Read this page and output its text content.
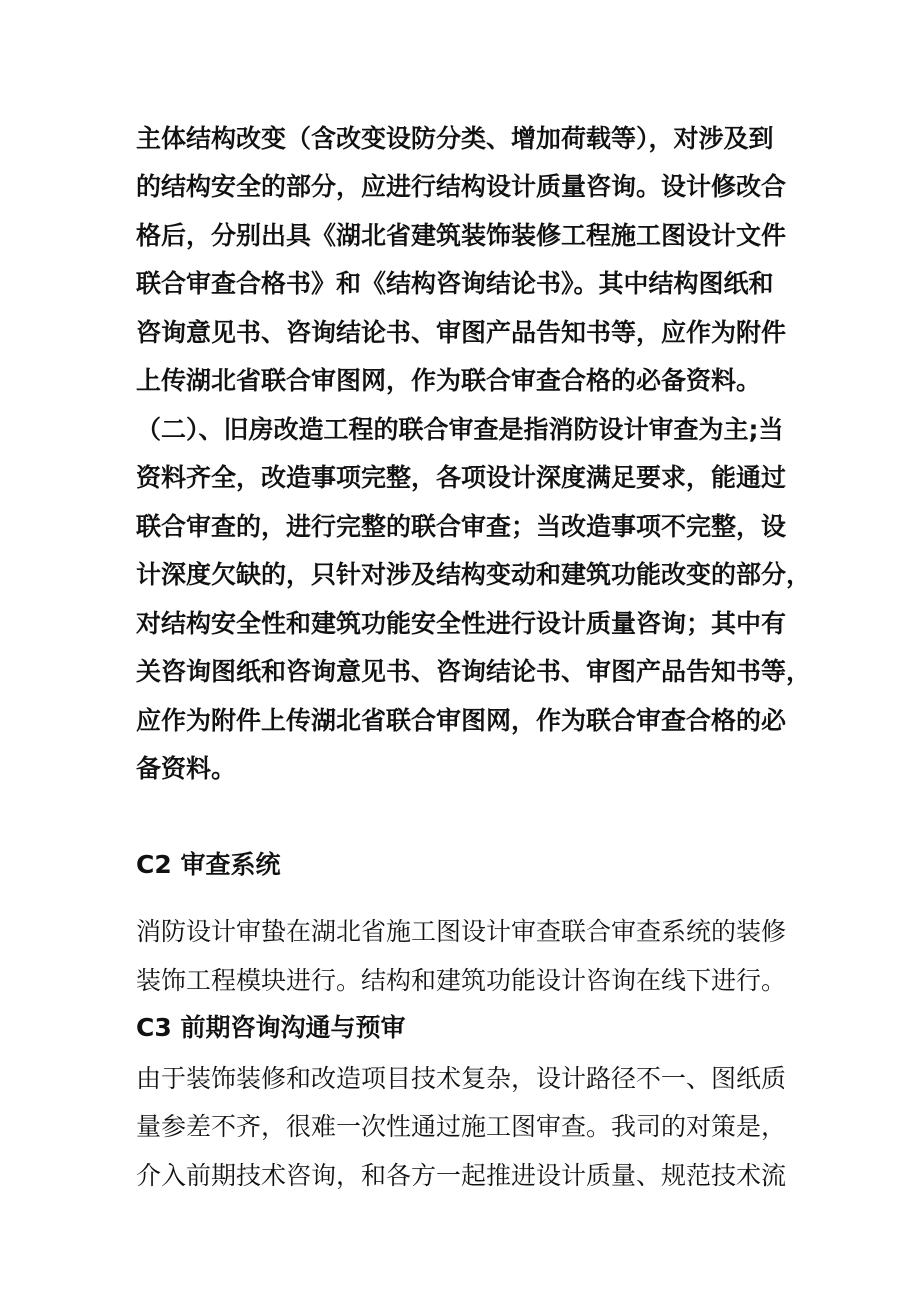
主体结构改变（含改变设防分类、增加荷载等），对涉及到
的结构安全的部分，应进行结构设计质量咨询。设计修改合
格后，分别出具《湖北省建筑装饰装修工程施工图设计文件
联合审查合格书》和《结构咨询结论书》。其中结构图纸和
咨询意见书、咨询结论书、审图产品告知书等，应作为附件
上传湖北省联合审图网，作为联合审查合格的必备资料。
（二）、旧房改造工程的联合审查是指消防设计审查为主;当
资料齐全，改造事项完整，各项设计深度满足要求，能通过
联合审查的，进行完整的联合审查；当改造事项不完整，设
计深度欠缺的，只针对涉及结构变动和建筑功能改变的部分，
对结构安全性和建筑功能安全性进行设计质量咨询；其中有
关咨询图纸和咨询意见书、咨询结论书、审图产品告知书等，
应作为附件上传湖北省联合审图网，作为联合审查合格的必
备资料。
C2 审查系统
消防设计审蛰在湖北省施工图设计审查联合审查系统的装修
装饰工程模块进行。结构和建筑功能设计咨询在线下进行。
C3 前期咨询沟通与预审
由于装饰装修和改造项目技术复杂，设计路径不一、图纸质
量参差不齐，很难一次性通过施工图审查。我司的对策是，
介入前期技术咨询，和各方一起推进设计质量、规范技术流
